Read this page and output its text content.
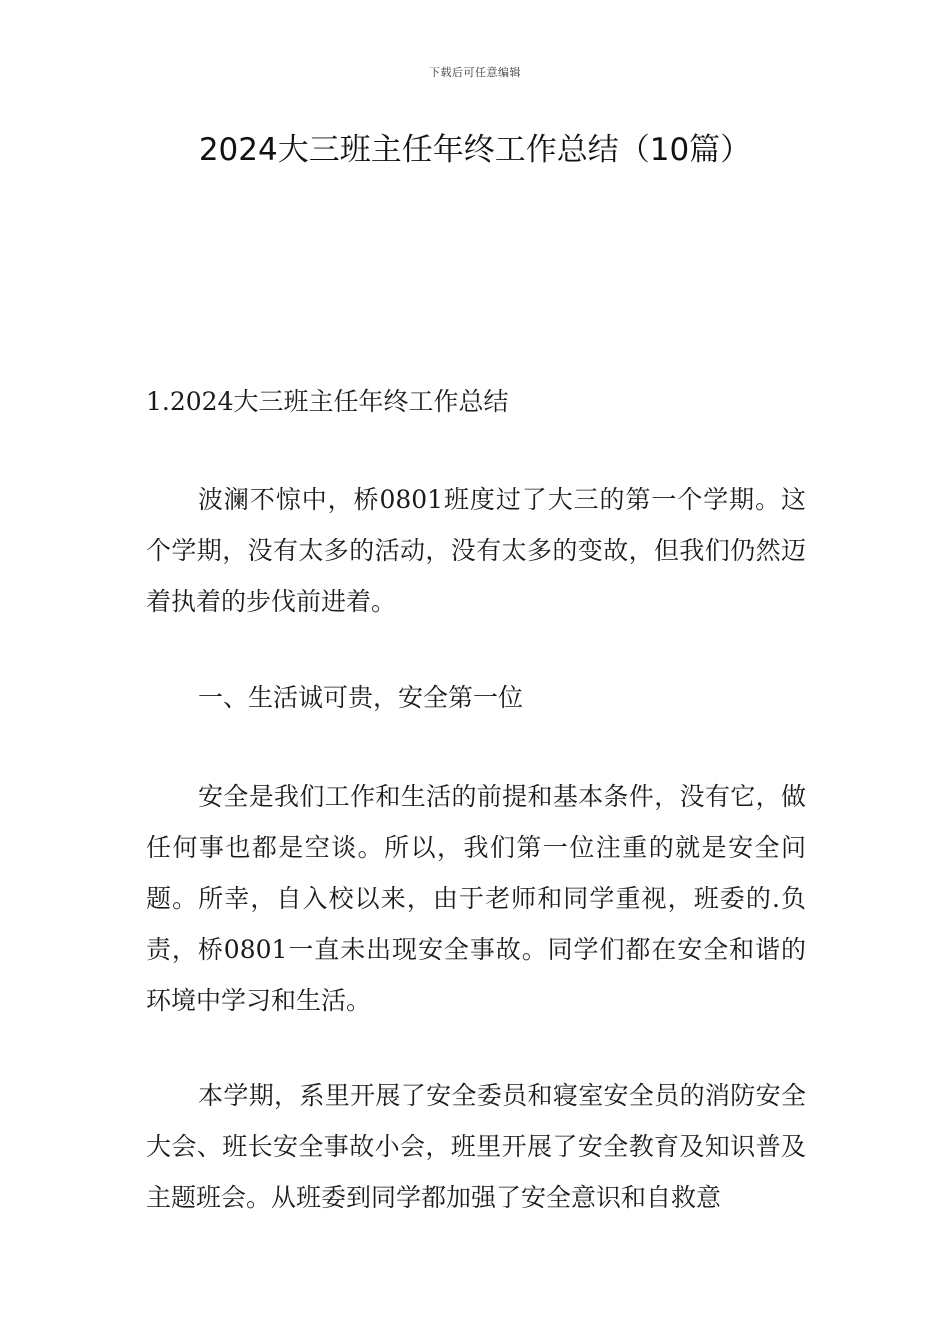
下载后可任意编辑
2024大三班主任年终工作总结（10篇）

1.2024大三班主任年终工作总结

波澜不惊中，桥0801班度过了大三的第一个学期。这个学期，没有太多的活动，没有太多的变故，但我们仍然迈着执着的步伐前进着。

一、生活诚可贵，安全第一位

安全是我们工作和生活的前提和基本条件，没有它，做任何事也都是空谈。所以，我们第一位注重的就是安全问题。所幸，自入校以来，由于老师和同学重视，班委的.负责，桥0801一直未出现安全事故。同学们都在安全和谐的环境中学习和生活。

本学期，系里开展了安全委员和寝室安全员的消防安全大会、班长安全事故小会，班里开展了安全教育及知识普及主题班会。从班委到同学都加强了安全意识和自救意
